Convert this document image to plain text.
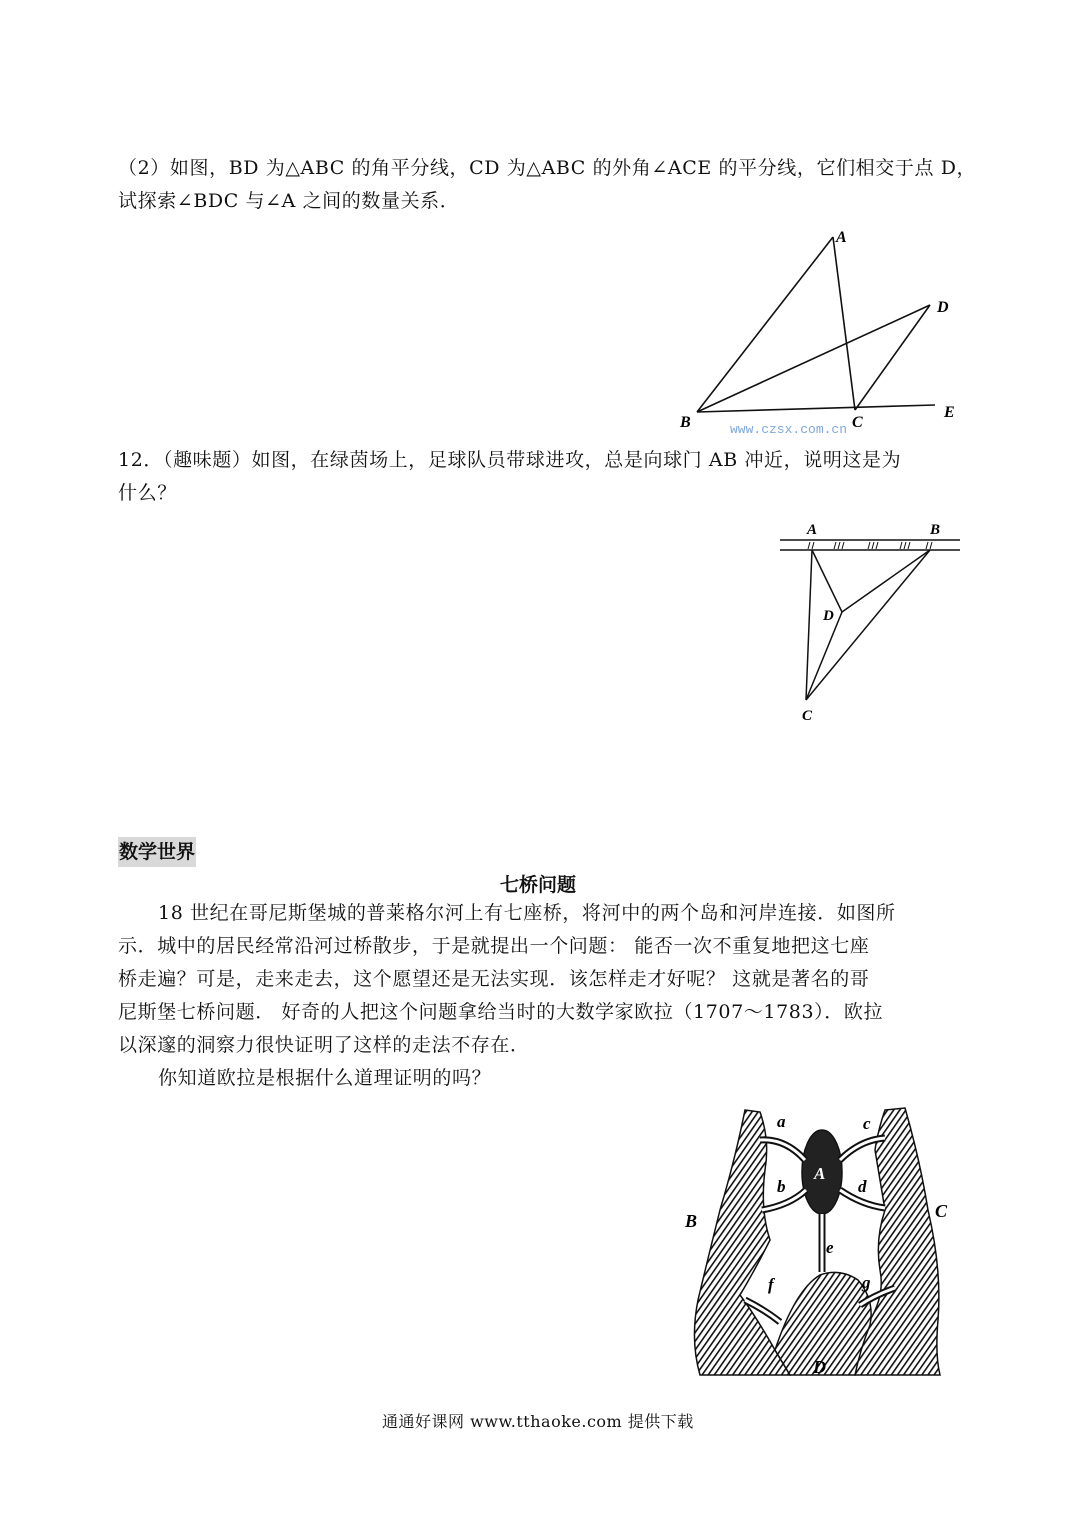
（2）如图，BD 为△ABC 的角平分线，CD 为△ABC 的外角∠ACE 的平分线，它们相交于点 D，
试探索∠BDC 与∠A 之间的数量关系．
A
D
B	C
E
www.czsx.com.cn
12．（趣味题）如图，在绿茵场上，足球队员带球进攻，总是向球门 AB 冲近，说明这是为
什么？
A	B
D
C
数学世界
七桥问题
18 世纪在哥尼斯堡城的普莱格尔河上有七座桥，将河中的两个岛和河岸连接．如图所
示．城中的居民经常沿河过桥散步，于是就提出一个问题： 能否一次不重复地把这七座
桥走遍？可是，走来走去，这个愿望还是无法实现．该怎样走才好呢？ 这就是著名的哥
尼斯堡七桥问题． 好奇的人把这个问题拿给当时的大数学家欧拉（1707～1783）．欧拉
以深邃的洞察力很快证明了这样的走法不存在．
你知道欧拉是根据什么道理证明的吗？
a	c
A
b	d
B	C
e
f	g
D
通通好课网 www.tthaoke.com 提供下载
